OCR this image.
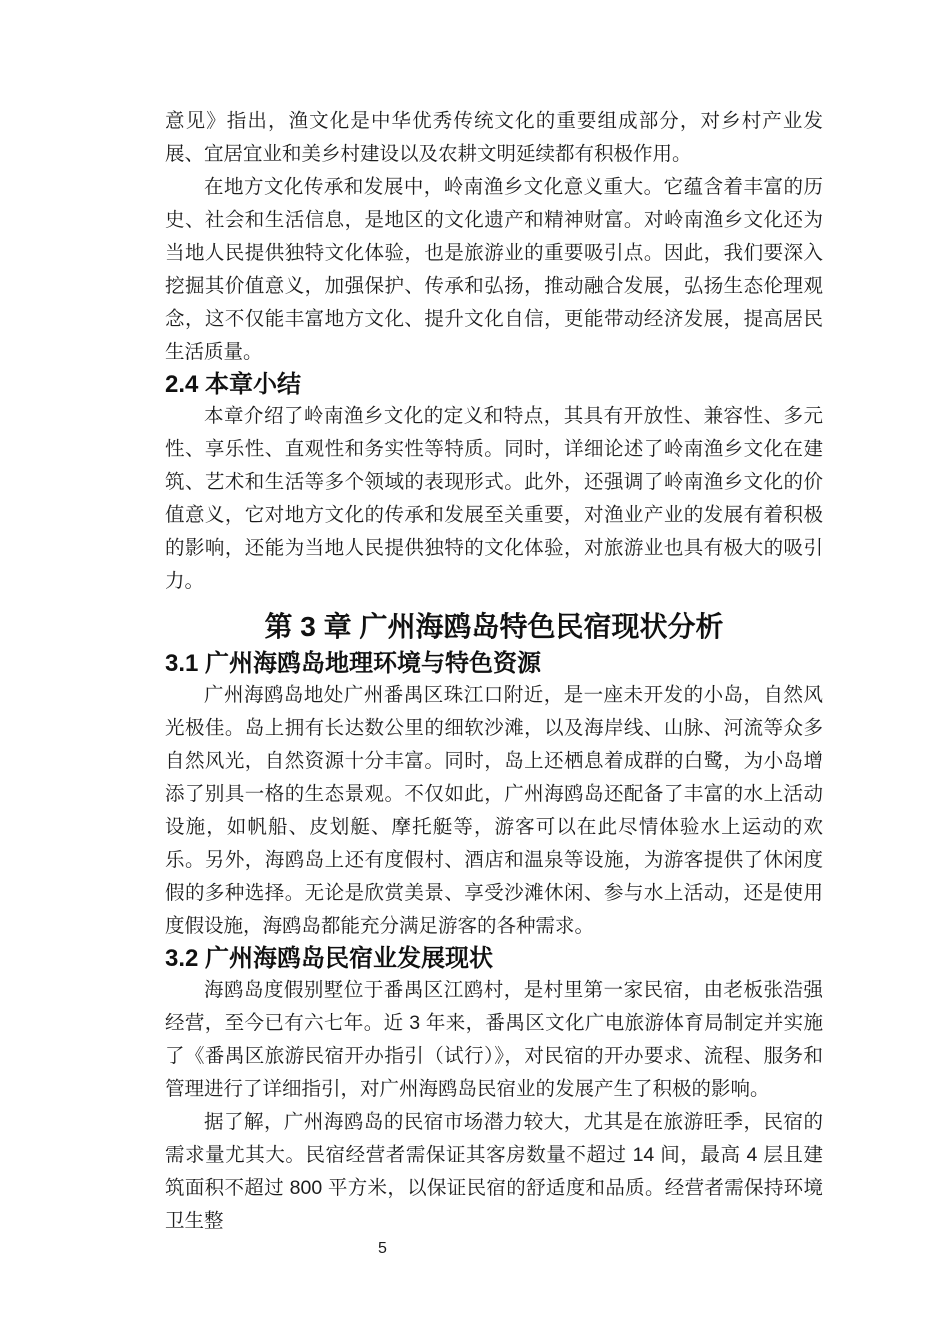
意见》指出，渔文化是中华优秀传统文化的重要组成部分，对乡村产业发展、宜居宜业和美乡村建设以及农耕文明延续都有积极作用。

在地方文化传承和发展中，岭南渔乡文化意义重大。它蕴含着丰富的历史、社会和生活信息，是地区的文化遗产和精神财富。对岭南渔乡文化还为当地人民提供独特文化体验，也是旅游业的重要吸引点。因此，我们要深入挖掘其价值意义，加强保护、传承和弘扬，推动融合发展，弘扬生态伦理观念，这不仅能丰富地方文化、提升文化自信，更能带动经济发展，提高居民生活质量。

2.4 本章小结

本章介绍了岭南渔乡文化的定义和特点，其具有开放性、兼容性、多元性、享乐性、直观性和务实性等特质。同时，详细论述了岭南渔乡文化在建筑、艺术和生活等多个领域的表现形式。此外，还强调了岭南渔乡文化的价值意义，它对地方文化的传承和发展至关重要，对渔业产业的发展有着积极的影响，还能为当地人民提供独特的文化体验，对旅游业也具有极大的吸引力。

第 3 章 广州海鸥岛特色民宿现状分析
3.1 广州海鸥岛地理环境与特色资源

广州海鸥岛地处广州番禺区珠江口附近，是一座未开发的小岛，自然风光极佳。岛上拥有长达数公里的细软沙滩，以及海岸线、山脉、河流等众多自然风光，自然资源十分丰富。同时，岛上还栖息着成群的白鹭，为小岛增添了别具一格的生态景观。不仅如此，广州海鸥岛还配备了丰富的水上活动设施，如帆船、皮划艇、摩托艇等，游客可以在此尽情体验水上运动的欢乐。另外，海鸥岛上还有度假村、酒店和温泉等设施，为游客提供了休闲度假的多种选择。无论是欣赏美景、享受沙滩休闲、参与水上活动，还是使用度假设施，海鸥岛都能充分满足游客的各种需求。

3.2 广州海鸥岛民宿业发展现状

海鸥岛度假别墅位于番禺区江鸥村，是村里第一家民宿，由老板张浩强经营，至今已有六七年。近 3 年来，番禺区文化广电旅游体育局制定并实施了《番禺区旅游民宿开办指引（试行）》，对民宿的开办要求、流程、服务和管理进行了详细指引，对广州海鸥岛民宿业的发展产生了积极的影响。

据了解，广州海鸥岛的民宿市场潜力较大，尤其是在旅游旺季，民宿的需求量尤其大。民宿经营者需保证其客房数量不超过 14 间，最高 4 层且建筑面积不超过 800 平方米，以保证民宿的舒适度和品质。经营者需保持环境卫生整

5
